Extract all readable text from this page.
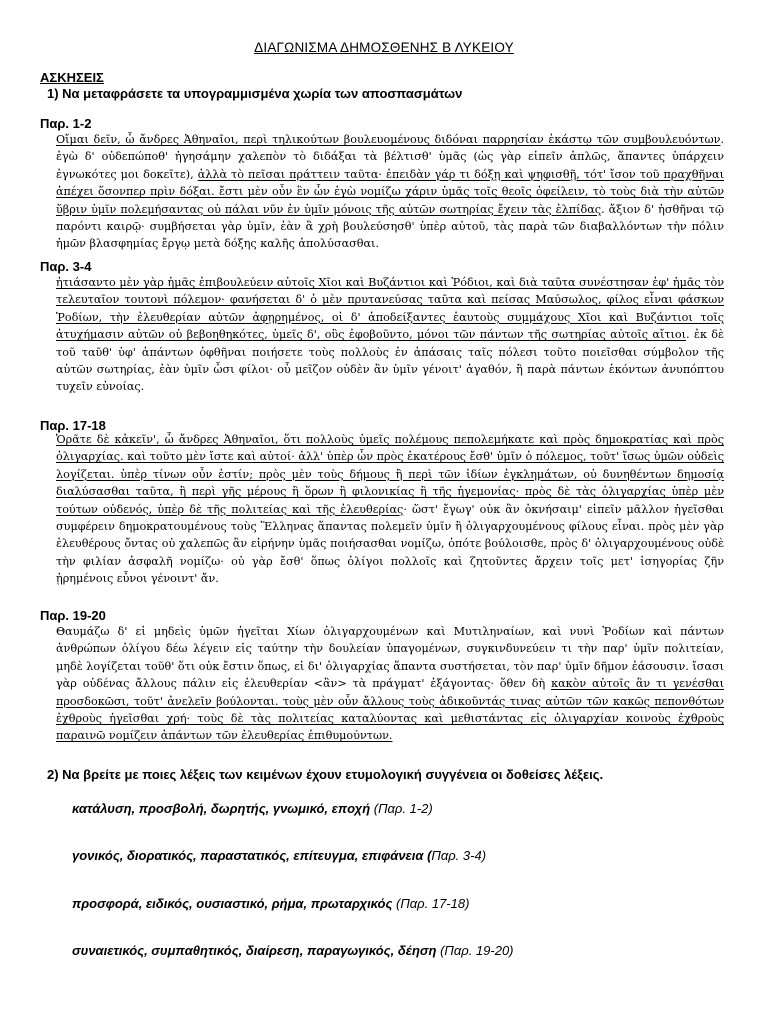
ΔΙΑΓΩΝΙΣΜΑ ΔΗΜΟΣΘΕΝΗΣ Β ΛΥΚΕΙΟΥ
ΑΣΚΗΣΕΙΣ
1) Να μεταφράσετε τα υπογραμμισμένα χωρία των αποσπασμάτων
Παρ. 1-2
Οἴμαι δεῖν, ὦ ἄνδρες Ἀθηναῖοι, περὶ τηλικούτων βουλευομένους διδόναι παρρησίαν ἑκάστῳ τῶν συμβουλευόντων. ἐγὼ δ' οὐδεπώποθ' ἡγησάμην χαλεπὸν τὸ διδάξαι τὰ βέλτισθ' ὑμᾶς (ὡς γὰρ εἰπεῖν ἁπλῶς, ἅπαντες ὑπάρχειν ἐγνωκότες μοι δοκεῖτε), ἀλλὰ τὸ πεῖσαι πράττειν ταῦτα· ἐπειδὰν γάρ τι δόξῃ καὶ ψηφισθῇ, τότ' ἴσον τοῦ πραχθῆναι ἀπέχει ὅσονπερ πρὶν δόξαι. ἔστι μὲν οὖν ἓν ὧν ἐγὼ νομίζω χάριν ὑμᾶς τοῖς θεοῖς ὀφείλειν, τὸ τοὺς διὰ τὴν αὑτῶν ὕβριν ὑμῖν πολεμήσαντας οὐ πάλαι νῦν ἐν ὑμῖν μόνοις τῆς αὑτῶν σωτηρίας ἔχειν τὰς ἐλπίδας. ἄξιον δ' ἡσθῆναι τῷ παρόντι καιρῷ· συμβήσεται γὰρ ὑμῖν, ἐὰν ἃ χρὴ βουλεύσησθ' ὑπὲρ αὐτοῦ, τὰς παρὰ τῶν διαβαλλόντων τὴν πόλιν ἡμῶν βλασφημίας ἔργῳ μετὰ δόξης καλῆς ἀπολύσασθαι.
Παρ. 3-4
ἠτιάσαντο μὲν γὰρ ἡμᾶς ἐπιβουλεύειν αὐτοῖς Χῖοι καὶ Βυζάντιοι καὶ Ῥόδιοι, καὶ διὰ ταῦτα συνέστησαν ἐφ' ἡμᾶς τὸν τελευταῖον τουτονὶ πόλεμον· φανήσεται δ' ὁ μὲν πρυτανεύσας ταῦτα καὶ πείσας Μαύσωλος, φίλος εἶναι φάσκων Ῥοδίων, τὴν ἐλευθερίαν αὐτῶν ἀφῃρημένος, οἱ δ' ἀποδείξαντες ἑαυτοὺς συμμάχους Χῖοι καὶ Βυζάντιοι τοῖς ἀτυχήμασιν αὐτῶν οὐ βεβοηθηκότες, ὑμεῖς δ', οὓς ἐφοβοῦντο, μόνοι τῶν πάντων τῆς σωτηρίας αὐτοῖς αἴτιοι. ἐκ δὲ τοῦ ταῦθ' ὑφ' ἁπάντων ὀφθῆναι ποιήσετε τοὺς πολλοὺς ἐν ἁπάσαις ταῖς πόλεσι τοῦτο ποιεῖσθαι σύμβολον τῆς αὑτῶν σωτηρίας, ἐὰν ὑμῖν ὦσι φίλοι· οὗ μεῖζον οὐδὲν ἂν ὑμῖν γένοιτ' ἀγαθόν, ἢ παρὰ πάντων ἑκόντων ἀνυπόπτου τυχεῖν εὐνοίας.
Παρ. 17-18
Ὁρᾶτε δὲ κἀκεῖν', ὦ ἄνδρες Ἀθηναῖοι, ὅτι πολλοὺς ὑμεῖς πολέμους πεπολεμήκατε καὶ πρὸς δημοκρατίας καὶ πρὸς ὀλιγαρχίας. καὶ τοῦτο μὲν ἴστε καὶ αὐτοί· ἀλλ' ὑπὲρ ὧν πρὸς ἑκατέρους ἔσθ' ὑμῖν ὁ πόλεμος, τοῦτ' ἴσως ὑμῶν οὐδεὶς λογίζεται. ὑπὲρ τίνων οὖν ἐστίν; πρὸς μὲν τοὺς δήμους ἢ περὶ τῶν ἰδίων ἐγκλημάτων, οὐ δυνηθέντων δημοσίᾳ διαλύσασθαι ταῦτα, ἢ περὶ γῆς μέρους ἢ ὅρων ἢ φιλονικίας ἢ τῆς ἡγεμονίας· πρὸς δὲ τὰς ὀλιγαρχίας ὑπὲρ μὲν τούτων οὐδενός, ὑπὲρ δὲ τῆς πολιτείας καὶ τῆς ἐλευθερίας· ὥστ' ἔγωγ' οὐκ ἂν ὀκνήσαιμ' εἰπεῖν μᾶλλον ἡγεῖσθαι συμφέρειν δημοκρατουμένους τοὺς Ἕλληνας ἅπαντας πολεμεῖν ὑμῖν ἢ ὀλιγαρχουμένους φίλους εἶναι. πρὸς μὲν γὰρ ἐλευθέρους ὄντας οὐ χαλεπῶς ἂν εἰρήνην ὑμᾶς ποιήσασθαι νομίζω, ὁπότε βούλοισθε, πρὸς δ' ὀλιγαρχουμένους οὐδὲ τὴν φιλίαν ἀσφαλῆ νομίζω· οὐ γὰρ ἔσθ' ὅπως ὀλίγοι πολλοῖς καὶ ζητοῦντες ἄρχειν τοῖς μετ' ἰσηγορίας ζῆν ᾑρημένοις εὖνοι γένοιντ' ἄν.
Παρ. 19-20
Θαυμάζω δ' εἰ μηδεὶς ὑμῶν ἡγεῖται Χίων ὀλιγαρχουμένων καὶ Μυτιληναίων, καὶ νυνὶ Ῥοδίων καὶ πάντων ἀνθρώπων ὀλίγου δέω λέγειν εἰς ταύτην τὴν δουλείαν ὑπαγομένων, συγκινδυνεύειν τι τὴν παρ' ὑμῖν πολιτείαν, μηδὲ λογίζεται τοῦθ' ὅτι οὐκ ἔστιν ὅπως, εἰ δι' ὀλιγαρχίας ἅπαντα συστήσεται, τὸν παρ' ὑμῖν δῆμον ἐάσουσιν. ἴσασι γὰρ οὐδένας ἄλλους πάλιν εἰς ἐλευθερίαν <ἂν> τὰ πράγματ' ἐξάγοντας· ὅθεν δὴ κακὸν αὐτοῖς ἂν τι γενέσθαι προσδοκῶσι, τοῦτ' ἀνελεῖν βούλονται. τοὺς μὲν οὖν ἄλλους τοὺς ἀδικοῦντάς τινας αὐτῶν τῶν κακῶς πεπονθότων ἐχθροὺς ἡγεῖσθαι χρή· τοὺς δὲ τὰς πολιτείας καταλύοντας καὶ μεθιστάντας εἰς ὀλιγαρχίαν κοινοὺς ἐχθροὺς παραινῶ νομίζειν ἁπάντων τῶν ἐλευθερίας ἐπιθυμούντων.
2) Να βρείτε με ποιες λέξεις των κειμένων έχουν ετυμολογική συγγένεια οι δοθείσες λέξεις.
κατάλυση, προσβολή, δωρητής, γνωμικό, εποχή (Παρ. 1-2)
γονικός, διορατικός, παραστατικός, επίτευγμα, επιφάνεια (Παρ. 3-4)
προσφορά, ειδικός, ουσιαστικό, ρήμα, πρωταρχικός (Παρ. 17-18)
συναιετικός, συμπαθητικός, διαίρεση, παραγωγικός, δέηση (Παρ. 19-20)
